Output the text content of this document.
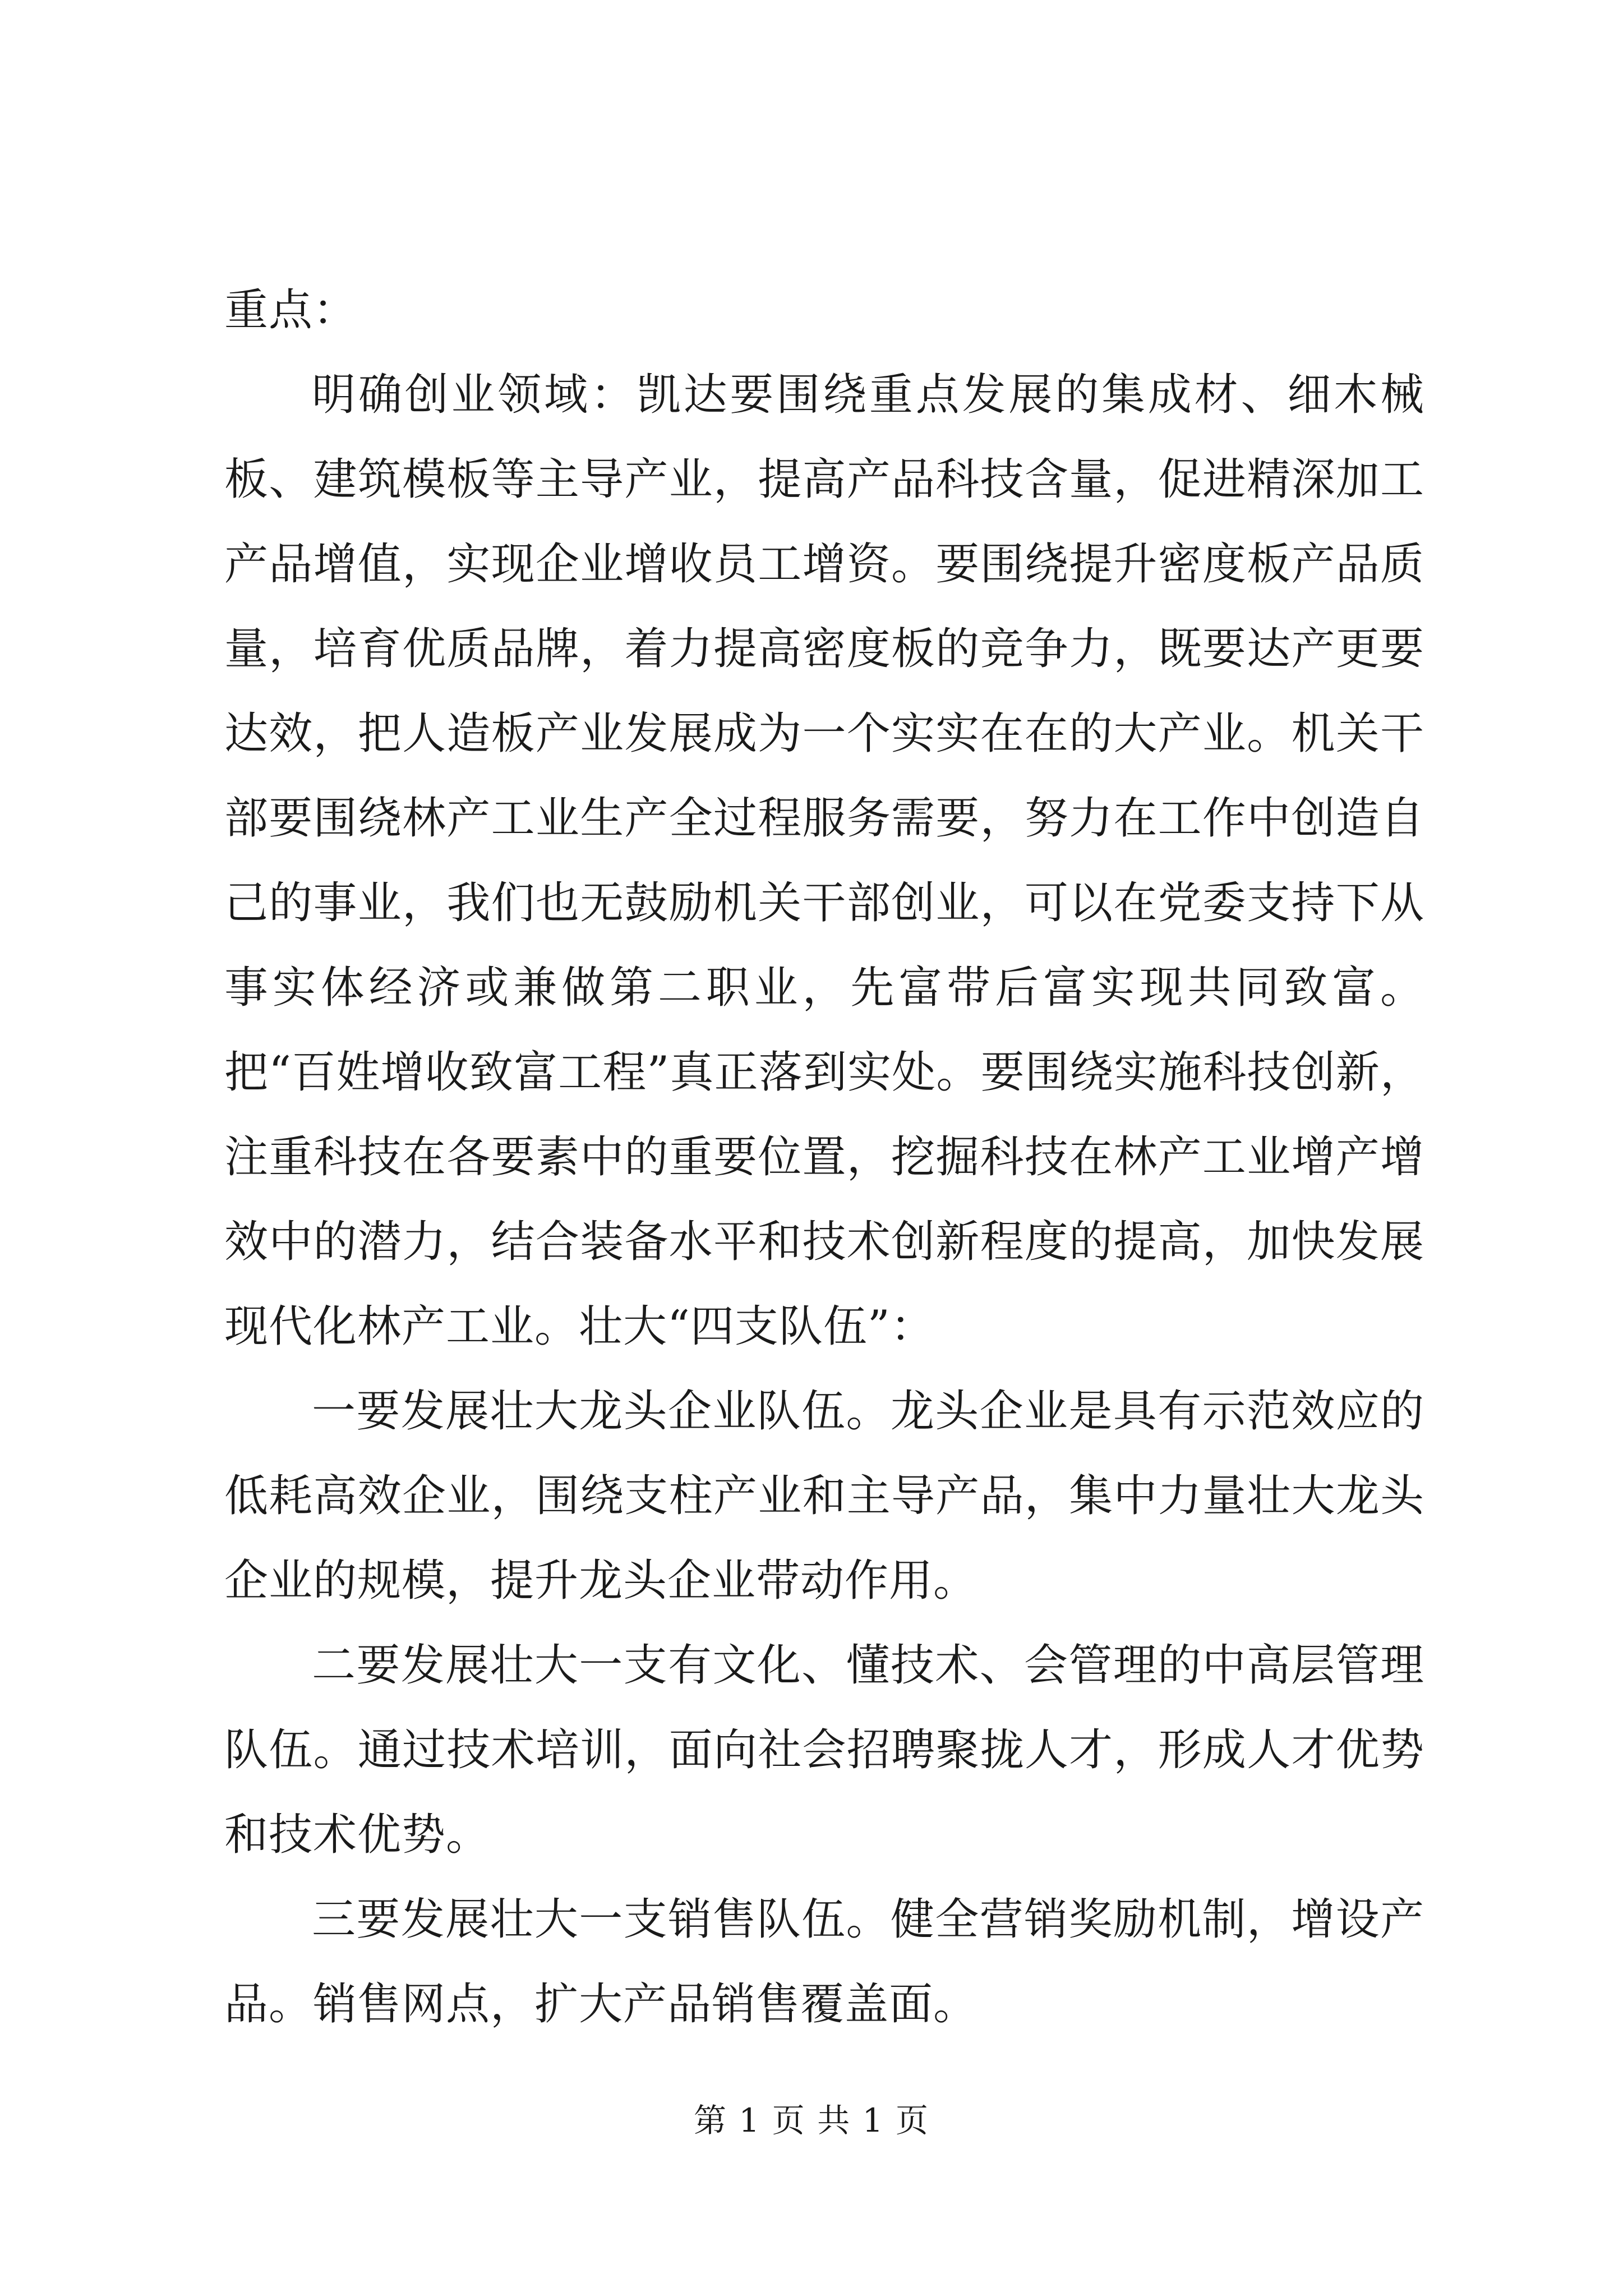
重点：

明确创业领域：凯达要围绕重点发展的集成材、细木械板、建筑模板等主导产业，提高产品科技含量，促进精深加工产品增值，实现企业增收员工增资。要围绕提升密度板产品质量，培育优质品牌，着力提高密度板的竞争力，既要达产更要达效，把人造板产业发展成为一个实实在在的大产业。机关干部要围绕林产工业生产全过程服务需要，努力在工作中创造自己的事业，我们也无鼓励机关干部创业，可以在党委支持下从事实体经济或兼做第二职业，先富带后富实现共同致富。把“百姓增收致富工程”真正落到实处。要围绕实施科技创新，注重科技在各要素中的重要位置，挖掘科技在林产工业增产增效中的潜力，结合装备水平和技术创新程度的提高，加快发展现代化林产工业。壮大“四支队伍”：

一要发展壮大龙头企业队伍。龙头企业是具有示范效应的低耗高效企业，围绕支柱产业和主导产品，集中力量壮大龙头企业的规模，提升龙头企业带动作用。

二要发展壮大一支有文化、懂技术、会管理的中高层管理队伍。通过技术培训，面向社会招聘聚拢人才，形成人才优势和技术优势。

三要发展壮大一支销售队伍。健全营销奖励机制，增设产品。销售网点，扩大产品销售覆盖面。

第 1 页 共 1 页
